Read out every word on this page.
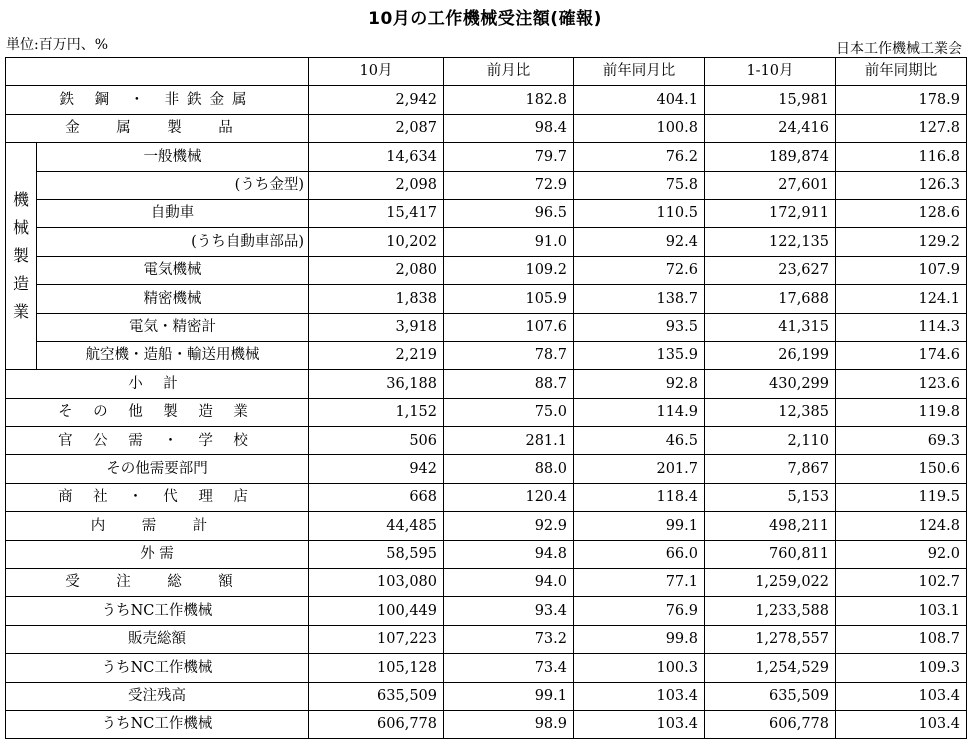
10月の工作機械受注額(確報)
単位:百万円、%	日本工作機械工業会
		10月	前月比	前年同月比	1-10月	前年同期比
鉄 鋼 ・ 非鉄金属		2,942	182.8	404.1	15,981	178.9
金 属 製 品		2,087	98.4	100.8	24,416	127.8

機
械
製
造
業	一般機械	14,634	79.7	76.2	189,874	116.8
	(うち金型)	2,098	72.9	75.8	27,601	126.3
	自動車	15,417	96.5	110.5	172,911	128.6
	(うち自動車部品)	10,202	91.0	92.4	122,135	129.2
	電気機械	2,080	109.2	72.6	23,627	107.9
	精密機械	1,838	105.9	138.7	17,688	124.1
	電気・精密計	3,918	107.6	93.5	41,315	114.3
	航空機・造船・輸送用機械	2,219	78.7	135.9	26,199	174.6
小 計		36,188	88.7	92.8	430,299	123.6
そ の 他 製 造 業		1,152	75.0	114.9	12,385	119.8
官 公 需 ・ 学 校		506	281.1	46.5	2,110	69.3
その他需要部門		942	88.0	201.7	7,867	150.6
商 社 ・ 代 理 店		668	120.4	118.4	5,153	119.5
内 需 計		44,485	92.9	99.1	498,211	124.8
外 需		58,595	94.8	66.0	760,811	92.0
受 注 総 額		103,080	94.0	77.1	1,259,022	102.7
うちNC工作機械		100,449	93.4	76.9	1,233,588	103.1
販売総額		107,223	73.2	99.8	1,278,557	108.7
うちNC工作機械		105,128	73.4	100.3	1,254,529	109.3
受注残高		635,509	99.1	103.4	635,509	103.4
うちNC工作機械		606,778	98.9	103.4	606,778	103.4
